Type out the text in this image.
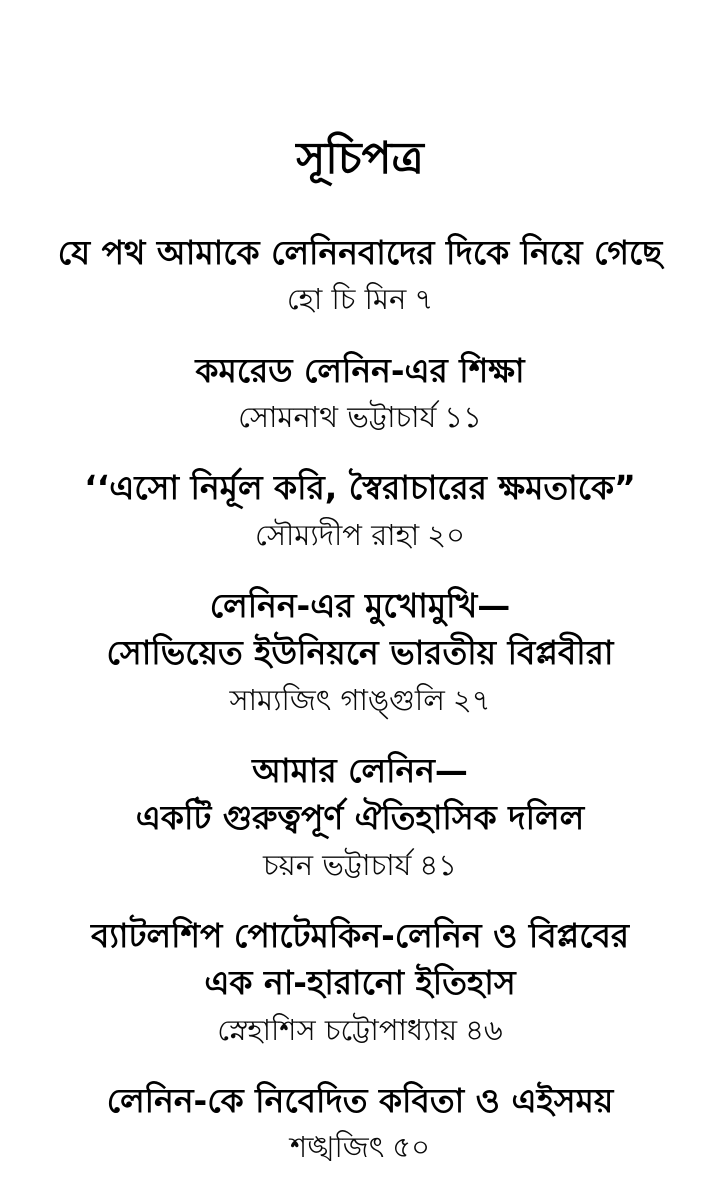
সূচিপত্র
যে পথ আমাকে লেনিনবাদের দিকে নিয়ে গেছে
হো চি মিন ৭
কমরেড লেনিন-এর শিক্ষা
সোমনাথ ভট্টাচার্য ১১
‘‘এসো নির্মূল করি, স্বৈরাচারের ক্ষমতাকে”
সৌম্যদীপ রাহা ২০
লেনিন-এর মুখোমুখি—
সোভিয়েত ইউনিয়নে ভারতীয় বিপ্লবীরা
সাম্যজিৎ গাঙ্গুলি ২৭
আমার লেনিন—
একটি গুরুত্বপূর্ণ ঐতিহাসিক দলিল
চয়ন ভট্টাচার্য ৪১
ব্যাটলশিপ পোটেমকিন-লেনিন ও বিপ্লবের
এক না-হারানো ইতিহাস
স্নেহাশিস চট্টোপাধ্যায় ৪৬
লেনিন-কে নিবেদিত কবিতা ও এইসময়
শঙ্খজিৎ ৫০
